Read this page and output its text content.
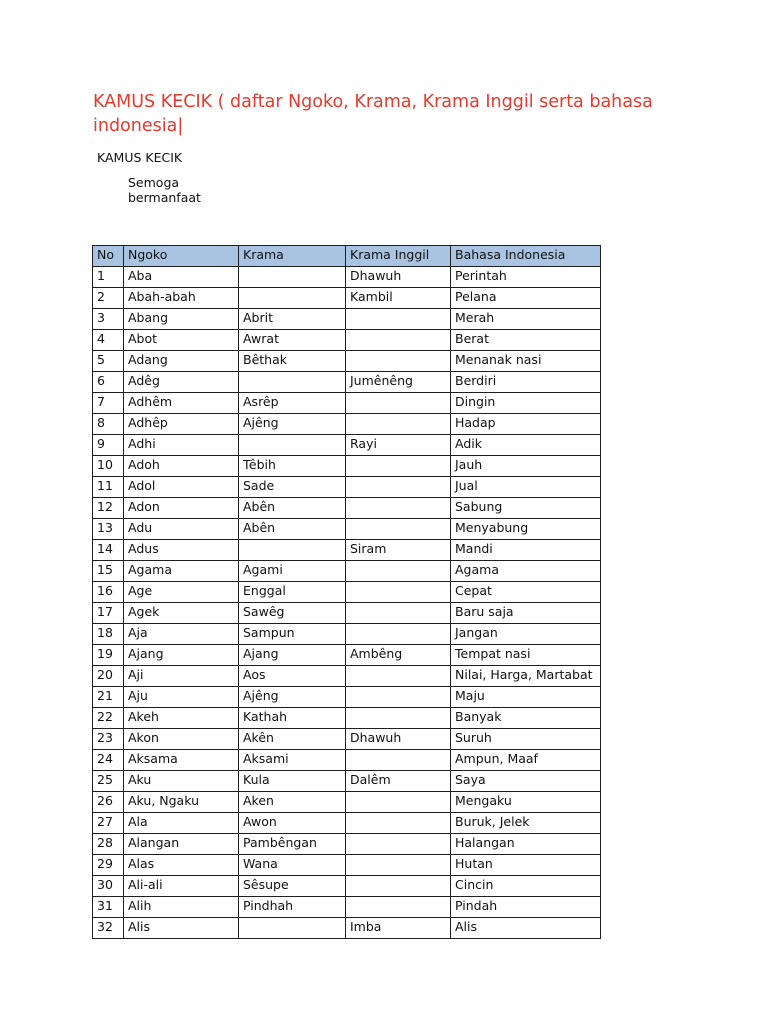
KAMUS KECIK ( daftar Ngoko, Krama, Krama Inggil serta bahasa indonesia|

KAMUS KECIK

Semoga bermanfaat

No	Ngoko	Krama	Krama Inggil	Bahasa Indonesia
1	Aba		Dhawuh	Perintah
2	Abah-abah		Kambil	Pelana
3	Abang	Abrit		Merah
4	Abot	Awrat		Berat
5	Adang	Bêthak		Menanak nasi
6	Adêg		Jumênêng	Berdiri
7	Adhêm	Asrêp		Dingin
8	Adhêp	Ajêng		Hadap
9	Adhi		Rayi	Adik
10	Adoh	Têbih		Jauh
11	Adol	Sade		Jual
12	Adon	Abên		Sabung
13	Adu	Abên		Menyabung
14	Adus		Siram	Mandi
15	Agama	Agami		Agama
16	Age	Enggal		Cepat
17	Agek	Sawêg		Baru saja
18	Aja	Sampun		Jangan
19	Ajang	Ajang	Ambêng	Tempat nasi
20	Aji	Aos		Nilai, Harga, Martabat
21	Aju	Ajêng		Maju
22	Akeh	Kathah		Banyak
23	Akon	Akên	Dhawuh	Suruh
24	Aksama	Aksami		Ampun, Maaf
25	Aku	Kula	Dalêm	Saya
26	Aku, Ngaku	Aken		Mengaku
27	Ala	Awon		Buruk, Jelek
28	Alangan	Pambêngan		Halangan
29	Alas	Wana		Hutan
30	Ali-ali	Sêsupe		Cincin
31	Alih	Pindhah		Pindah
32	Alis		Imba	Alis
